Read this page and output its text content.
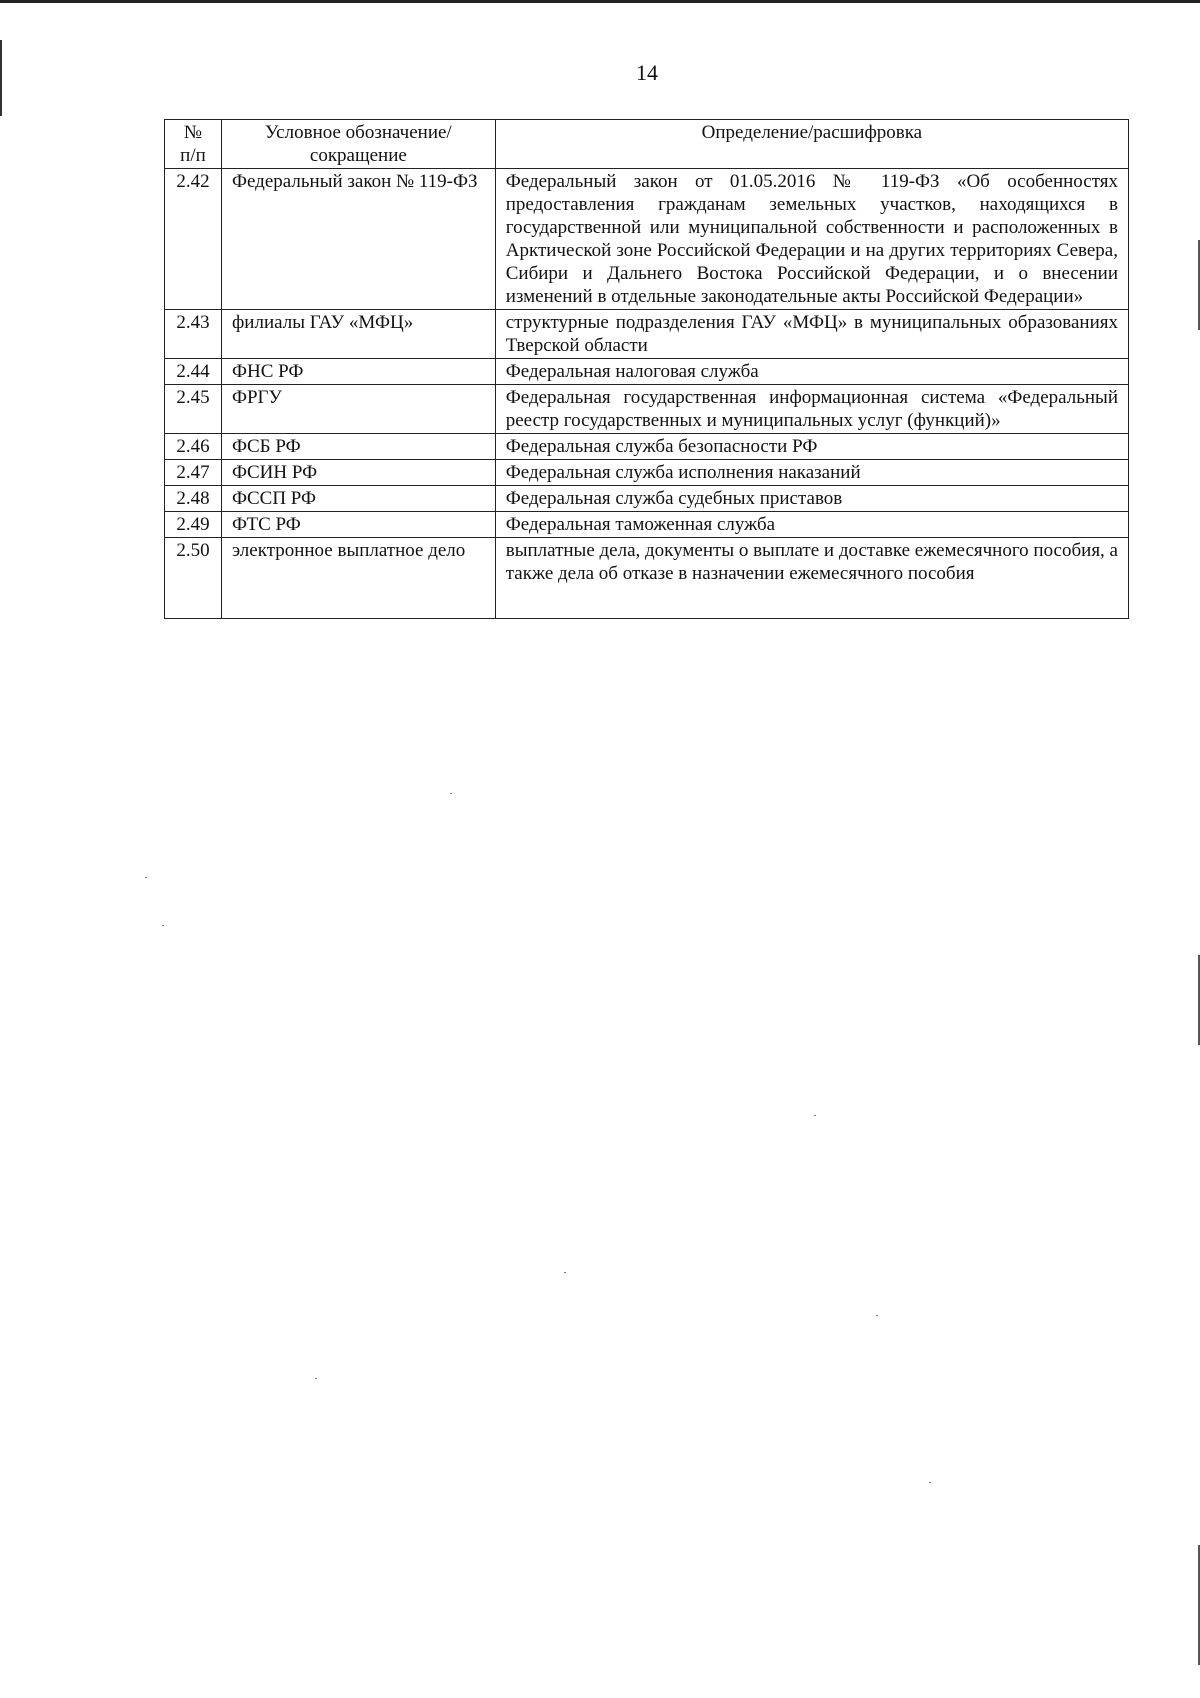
14
№ п/п	Условное обозначение/сокращение	Определение/расшифровка
2.42	Федеральный закон № 119-ФЗ	Федеральный закон от 01.05.2016 № 119-ФЗ «Об особенностях предоставления гражданам земельных участков, находящихся в государственной или муниципальной собственности и расположенных в Арктической зоне Российской Федерации и на других территориях Севера, Сибири и Дальнего Востока Российской Федерации, и о внесении изменений в отдельные законодательные акты Российской Федерации»
2.43	филиалы ГАУ «МФЦ»	структурные подразделения ГАУ «МФЦ» в муниципальных образованиях Тверской области
2.44	ФНС РФ	Федеральная налоговая служба
2.45	ФРГУ	Федеральная государственная информационная система «Федеральный реестр государственных и муниципальных услуг (функций)»
2.46	ФСБ РФ	Федеральная служба безопасности РФ
2.47	ФСИН РФ	Федеральная служба исполнения наказаний
2.48	ФССП РФ	Федеральная служба судебных приставов
2.49	ФТС РФ	Федеральная таможенная служба
2.50	электронное выплатное дело	выплатные дела, документы о выплате и доставке ежемесячного пособия, а также дела об отказе в назначении ежемесячного пособия
